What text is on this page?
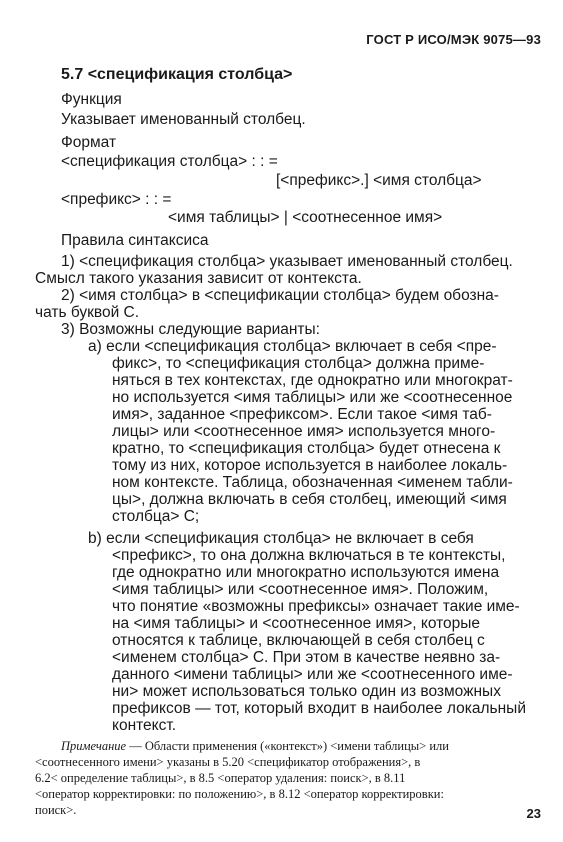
ГОСТ Р ИСО/МЭК 9075—93
5.7 <спецификация столбца>
Функция
Указывает именованный столбец.
Формат
<спецификация столбца> : : =
[<префикс>.] <имя столбца>
<префикс> : : =
<имя таблицы> | <соотнесенное имя>
Правила синтаксиса
1) <спецификация столбца> указывает именованный столбец.
Смысл такого указания зависит от контекста.
2) <имя столбца> в <спецификации столбца> будем обозна-
чать буквой C.
3) Возможны следующие варианты:
a) если <спецификация столбца> включает в себя <пре-
фикс>, то <спецификация столбца> должна приме-
няться в тех контекстах, где однократно или многократ-
но используется <имя таблицы> или же <соотнесенное
имя>, заданное <префиксом>. Если такое <имя таб-
лицы> или <соотнесенное имя> используется много-
кратно, то <спецификация столбца> будет отнесена к
тому из них, которое используется в наиболее локаль-
ном контексте. Таблица, обозначенная <именем табли-
цы>, должна включать в себя столбец, имеющий <имя
столбца> C;
b) если <спецификация столбца> не включает в себя
<префикс>, то она должна включаться в те контексты,
где однократно или многократно используются имена
<имя таблицы> или <соотнесенное имя>. Положим,
что понятие «возможны префиксы» означает такие име-
на <имя таблицы> и <соотнесенное имя>, которые
относятся к таблице, включающей в себя столбец с
<именем столбца> C. При этом в качестве неявно за-
данного <имени таблицы> или же <соотнесенного име-
ни> может использоваться только один из возможных
префиксов — тот, который входит в наиболее локальный
контекст.
Примечание — Области применения («контекст») <имени таблицы> или
<соотнесенного имени> указаны в 5.20 <спецификатор отображения>, в
6.2< определение таблицы>, в 8.5 <оператор удаления: поиск>, в 8.11
<оператор корректировки: по положению>, в 8.12 <оператор корректировки:
поиск>.	23
